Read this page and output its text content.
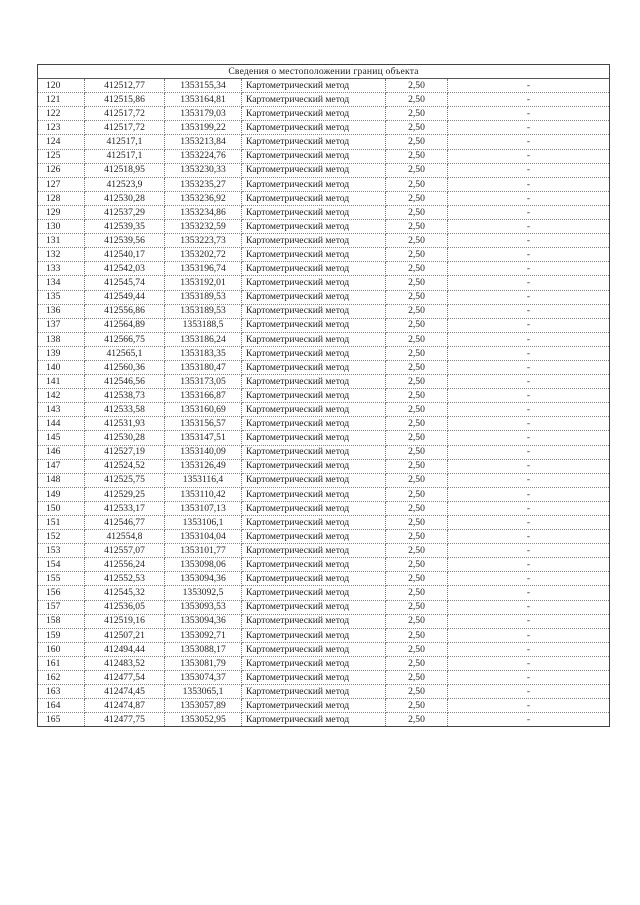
Сведения о местоположении границ объекта					
120	412512,77	1353155,34	Картометрический метод	2,50	-
121	412515,86	1353164,81	Картометрический метод	2,50	-
122	412517,72	1353179,03	Картометрический метод	2,50	-
123	412517,72	1353199,22	Картометрический метод	2,50	-
124	412517,1	1353213,84	Картометрический метод	2,50	-
125	412517,1	1353224,76	Картометрический метод	2,50	-
126	412518,95	1353230,33	Картометрический метод	2,50	-
127	412523,9	1353235,27	Картометрический метод	2,50	-
128	412530,28	1353236,92	Картометрический метод	2,50	-
129	412537,29	1353234,86	Картометрический метод	2,50	-
130	412539,35	1353232,59	Картометрический метод	2,50	-
131	412539,56	1353223,73	Картометрический метод	2,50	-
132	412540,17	1353202,72	Картометрический метод	2,50	-
133	412542,03	1353196,74	Картометрический метод	2,50	-
134	412545,74	1353192,01	Картометрический метод	2,50	-
135	412549,44	1353189,53	Картометрический метод	2,50	-
136	412556,86	1353189,53	Картометрический метод	2,50	-
137	412564,89	1353188,5	Картометрический метод	2,50	-
138	412566,75	1353186,24	Картометрический метод	2,50	-
139	412565,1	1353183,35	Картометрический метод	2,50	-
140	412560,36	1353180,47	Картометрический метод	2,50	-
141	412546,56	1353173,05	Картометрический метод	2,50	-
142	412538,73	1353166,87	Картометрический метод	2,50	-
143	412533,58	1353160,69	Картометрический метод	2,50	-
144	412531,93	1353156,57	Картометрический метод	2,50	-
145	412530,28	1353147,51	Картометрический метод	2,50	-
146	412527,19	1353140,09	Картометрический метод	2,50	-
147	412524,52	1353126,49	Картометрический метод	2,50	-
148	412525,75	1353116,4	Картометрический метод	2,50	-
149	412529,25	1353110,42	Картометрический метод	2,50	-
150	412533,17	1353107,13	Картометрический метод	2,50	-
151	412546,77	1353106,1	Картометрический метод	2,50	-
152	412554,8	1353104,04	Картометрический метод	2,50	-
153	412557,07	1353101,77	Картометрический метод	2,50	-
154	412556,24	1353098,06	Картометрический метод	2,50	-
155	412552,53	1353094,36	Картометрический метод	2,50	-
156	412545,32	1353092,5	Картометрический метод	2,50	-
157	412536,05	1353093,53	Картометрический метод	2,50	-
158	412519,16	1353094,36	Картометрический метод	2,50	-
159	412507,21	1353092,71	Картометрический метод	2,50	-
160	412494,44	1353088,17	Картометрический метод	2,50	-
161	412483,52	1353081,79	Картометрический метод	2,50	-
162	412477,54	1353074,37	Картометрический метод	2,50	-
163	412474,45	1353065,1	Картометрический метод	2,50	-
164	412474,87	1353057,89	Картометрический метод	2,50	-
165	412477,75	1353052,95	Картометрический метод	2,50	-
